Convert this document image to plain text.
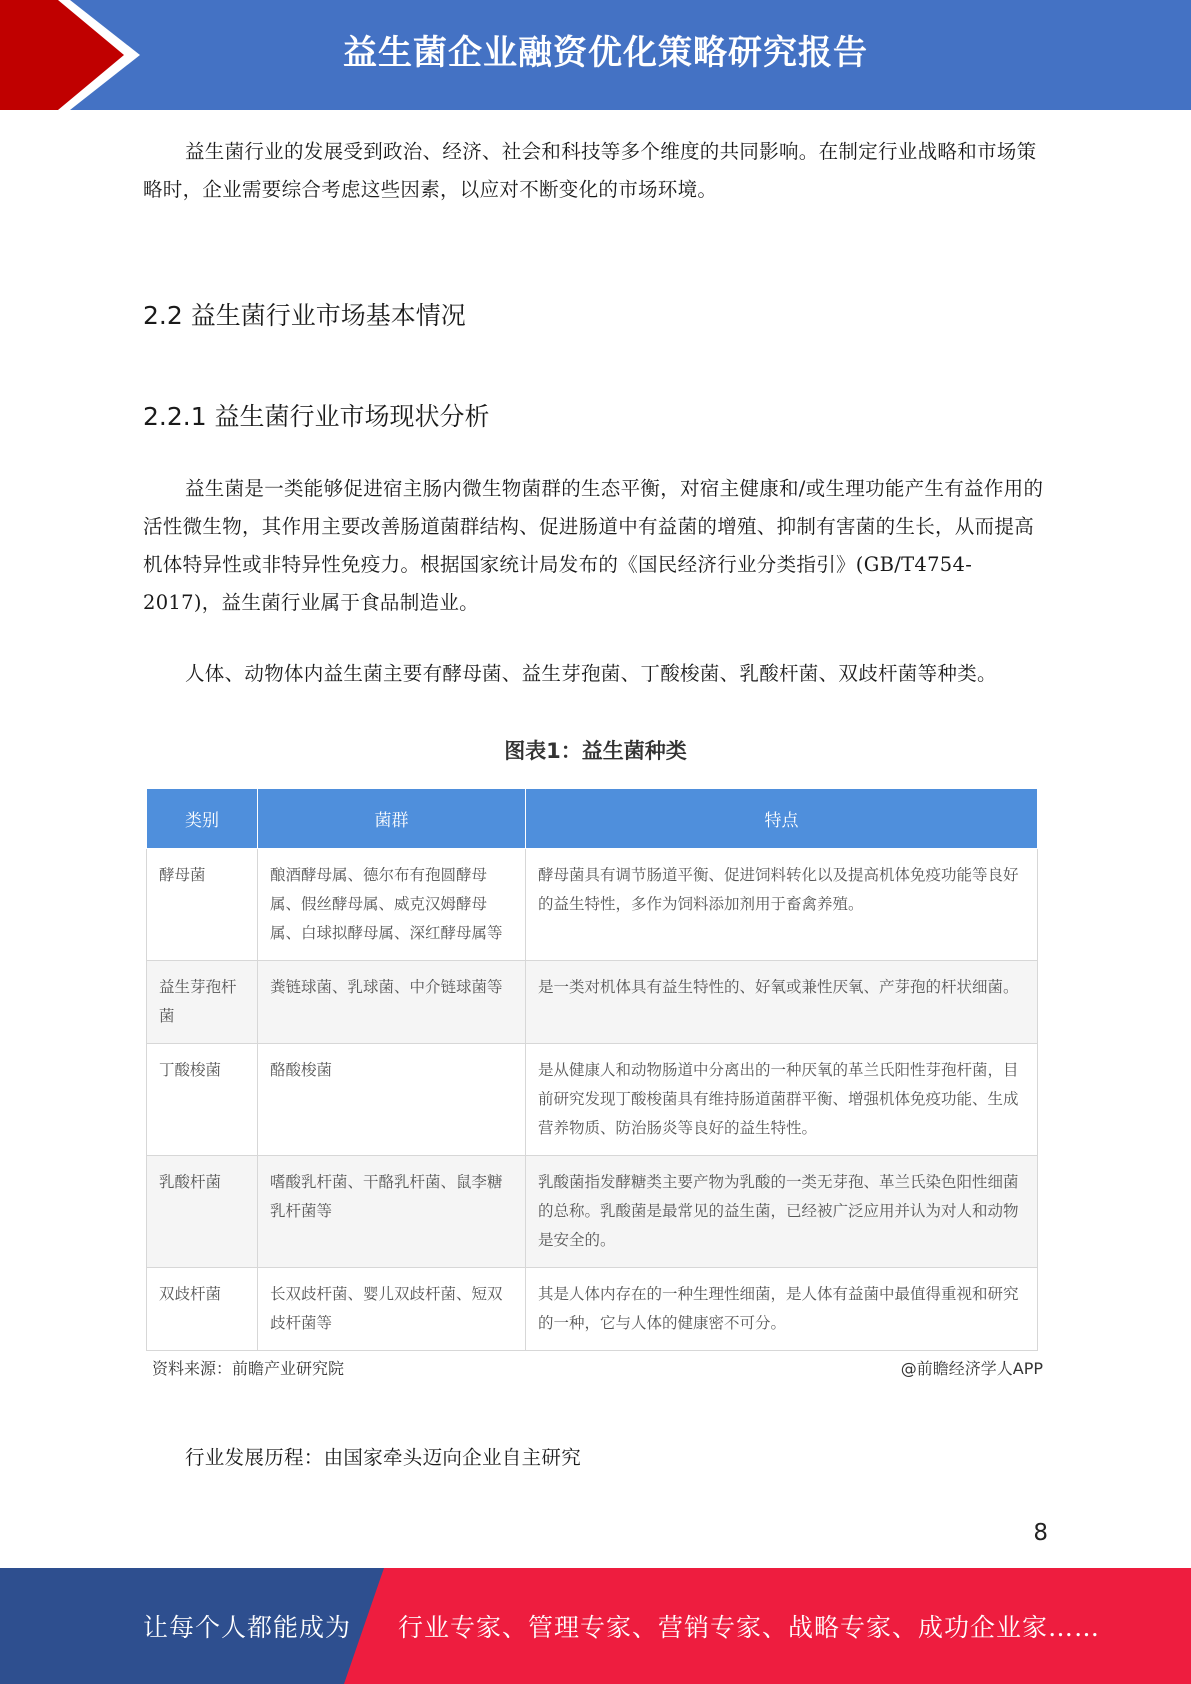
益生菌企业融资优化策略研究报告

益生菌行业的发展受到政治、经济、社会和科技等多个维度的共同影响。在制定行业战略和市场策略时，企业需要综合考虑这些因素，以应对不断变化的市场环境。

2.2 益生菌行业市场基本情况
2.2.1 益生菌行业市场现状分析

益生菌是一类能够促进宿主肠内微生物菌群的生态平衡，对宿主健康和/或生理功能产生有益作用的活性微生物，其作用主要改善肠道菌群结构、促进肠道中有益菌的增殖、抑制有害菌的生长，从而提高机体特异性或非特异性免疫力。根据国家统计局发布的《国民经济行业分类指引》(GB/T4754-2017)，益生菌行业属于食品制造业。

人体、动物体内益生菌主要有酵母菌、益生芽孢菌、丁酸梭菌、乳酸杆菌、双歧杆菌等种类。

图表1：益生菌种类
类别	菌群	特点
酵母菌	酿酒酵母属、德尔布有孢圆酵母属、假丝酵母属、威克汉姆酵母属、白球拟酵母属、深红酵母属等	酵母菌具有调节肠道平衡、促进饲料转化以及提高机体免疫功能等良好的益生特性，多作为饲料添加剂用于畜禽养殖。
益生芽孢杆菌	粪链球菌、乳球菌、中介链球菌等	是一类对机体具有益生特性的、好氧或兼性厌氧、产芽孢的杆状细菌。
丁酸梭菌	酪酸梭菌	是从健康人和动物肠道中分离出的一种厌氧的革兰氏阳性芽孢杆菌，目前研究发现丁酸梭菌具有维持肠道菌群平衡、增强机体免疫功能、生成营养物质、防治肠炎等良好的益生特性。
乳酸杆菌	嗜酸乳杆菌、干酪乳杆菌、鼠李糖乳杆菌等	乳酸菌指发酵糖类主要产物为乳酸的一类无芽孢、革兰氏染色阳性细菌的总称。乳酸菌是最常见的益生菌，已经被广泛应用并认为对人和动物是安全的。
双歧杆菌	长双歧杆菌、婴儿双歧杆菌、短双歧杆菌等	其是人体内存在的一种生理性细菌，是人体有益菌中最值得重视和研究的一种，它与人体的健康密不可分。
资料来源：前瞻产业研究院	@前瞻经济学人APP

行业发展历程：由国家牵头迈向企业自主研究

8
让每个人都能成为 行业专家、管理专家、营销专家、战略专家、成功企业家……
